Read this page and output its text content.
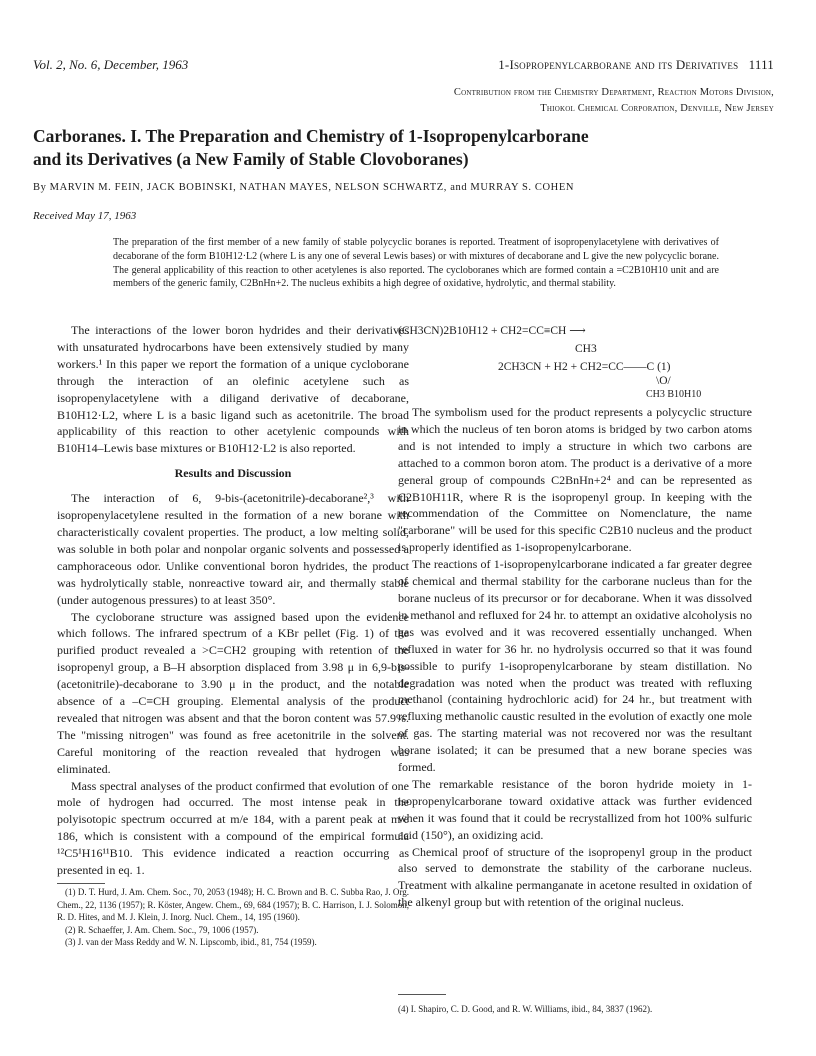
Vol. 2, No. 6, December, 1963	1-Isopropenylcarborane and its Derivatives 1111
Contribution from the Chemistry Department, Reaction Motors Division,
Thiokol Chemical Corporation, Denville, New Jersey
Carboranes. I. The Preparation and Chemistry of 1-Isopropenylcarborane
and its Derivatives (a New Family of Stable Clovoboranes)
By MARVIN M. FEIN, JACK BOBINSKI, NATHAN MAYES, NELSON SCHWARTZ, and MURRAY S. COHEN
Received May 17, 1963
The preparation of the first member of a new family of stable polycyclic boranes is reported. Treatment of isopropenylacetylene with derivatives of decaborane of the form B10H12·L2 (where L is any one of several Lewis bases) or with mixtures of decaborane and L give the new polycyclic borane. The general applicability of this reaction to other acetylenes is also reported. The cycloboranes which are formed contain a =C2B10H10 unit and are members of the generic family, C2BnHn+2. The nucleus exhibits a high degree of oxidative, hydrolytic, and thermal stability.

The interactions of the lower boron hydrides and their derivatives with unsaturated hydrocarbons have been extensively studied by many workers.¹ In this paper we report the formation of a unique cycloborane through the interaction of an olefinic acetylene such as isopropenylacetylene with a diligand derivative of decaborane, B10H12·L2, where L is a basic ligand such as acetonitrile. The broad applicability of this reaction to other acetylenic compounds with B10H14–Lewis base mixtures or B10H12·L2 is also reported.

Results and Discussion

The interaction of 6, 9-bis-(acetonitrile)-decaborane²,³ with isopropenylacetylene resulted in the formation of a new borane with characteristically covalent properties. The product, a low melting solid, was soluble in both polar and nonpolar organic solvents and possessed a camphoraceous odor. Unlike conventional boron hydrides, the product was hydrolytically stable, nonreactive toward air, and thermally stable (under autogenous pressures) to at least 350°.

The cycloborane structure was assigned based upon the evidence which follows. The infrared spectrum of a KBr pellet (Fig. 1) of the purified product revealed a >C=CH2 grouping with retention of the isopropenyl group, a B–H absorption displaced from 3.98 μ in 6,9-bis-(acetonitrile)-decaborane to 3.90 μ in the product, and the notable absence of a –C≡CH grouping. Elemental analysis of the product revealed that nitrogen was absent and that the boron content was 57.9%. The "missing nitrogen" was found as free acetonitrile in the solvent. Careful monitoring of the reaction revealed that hydrogen was eliminated.

Mass spectral analyses of the product confirmed that evolution of one mole of hydrogen had occurred. The most intense peak in the polyisotopic spectrum occurred at m/e 184, with a parent peak at m/e 186, which is consistent with a compound of the empirical formula ¹²C5¹H16¹¹B10. This evidence indicated a reaction occurring as presented in eq. 1.

(1) D. T. Hurd, J. Am. Chem. Soc., 70, 2053 (1948); H. C. Brown and B. C. Subba Rao, J. Org. Chem., 22, 1136 (1957); R. Köster, Angew. Chem., 69, 684 (1957); B. C. Harrison, I. J. Solomon, R. D. Hites, and M. J. Klein, J. Inorg. Nucl. Chem., 14, 195 (1960).

(2) R. Schaeffer, J. Am. Chem. Soc., 79, 1006 (1957).

(3) J. van der Mass Reddy and W. N. Lipscomb, ibid., 81, 754 (1959).

(CH3CN)2B10H12 + CH2=CC≡CH ⟶
CH3
2CH3CN + H2 + CH2=CC——C (1)
\O/
CH3 B10H10

The symbolism used for the product represents a polycyclic structure in which the nucleus of ten boron atoms is bridged by two carbon atoms and is not intended to imply a structure in which two carbons are attached to a common boron atom. The product is a derivative of a more general group of compounds C2BnHn+2⁴ and can be represented as C2B10H11R, where R is the isopropenyl group. In keeping with the recommendation of the Committee on Nomenclature, the name "carborane" will be used for this specific C2B10 nucleus and the product is properly identified as 1-isopropenylcarborane.

The reactions of 1-isopropenylcarborane indicated a far greater degree of chemical and thermal stability for the carborane nucleus than for the borane nucleus of its precursor or for decaborane. When it was dissolved in methanol and refluxed for 24 hr. to attempt an oxidative alcoholysis no gas was evolved and it was recovered essentially unchanged. When refluxed in water for 36 hr. no hydrolysis occurred so that it was found possible to purify 1-isopropenylcarborane by steam distillation. No degradation was noted when the product was treated with refluxing methanol (containing hydrochloric acid) for 24 hr., but treatment with refluxing methanolic caustic resulted in the evolution of exactly one mole of gas. The starting material was not recovered nor was the resultant borane isolated; it can be presumed that a new borane species was formed.

The remarkable resistance of the boron hydride moiety in 1-isopropenylcarborane toward oxidative attack was further evidenced when it was found that it could be recrystallized from hot 100% sulfuric acid (150°), an oxidizing acid.

Chemical proof of structure of the isopropenyl group in the product also served to demonstrate the stability of the carborane nucleus. Treatment with alkaline permanganate in acetone resulted in oxidation of the alkenyl group but with retention of the original nucleus.

(4) I. Shapiro, C. D. Good, and R. W. Williams, ibid., 84, 3837 (1962).
